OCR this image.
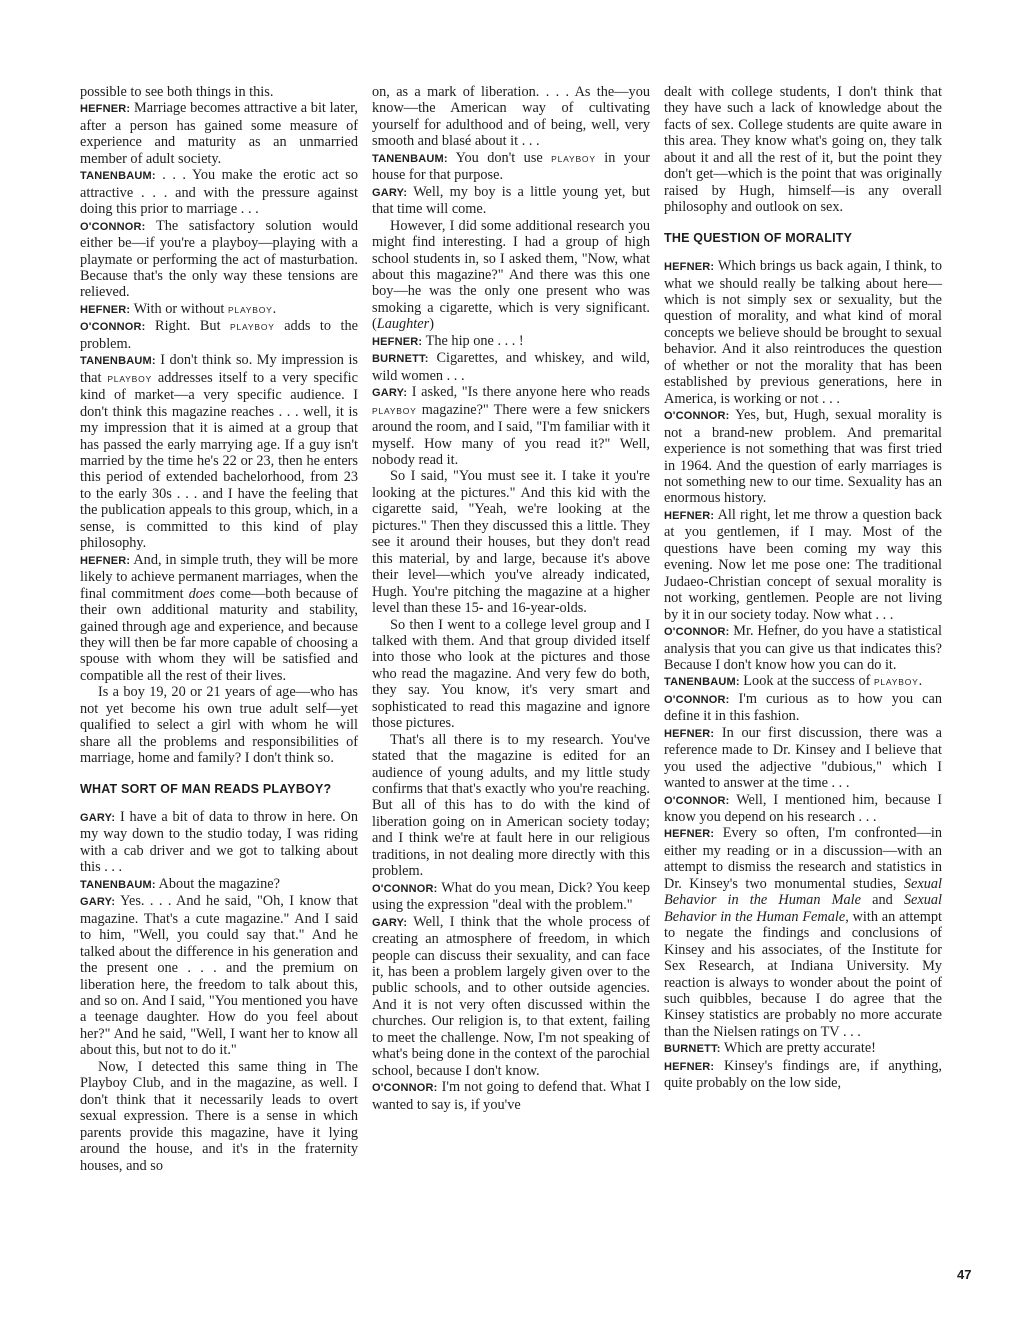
possible to see both things in this.

HEFNER: Marriage becomes attractive a bit later, after a person has gained some measure of experience and maturity as an unmarried member of adult society.

TANENBAUM: . . . You make the erotic act so attractive . . . and with the pressure against doing this prior to marriage . . .

O'CONNOR: The satisfactory solution would either be—if you're a playboy—playing with a playmate or performing the act of masturbation. Because that's the only way these tensions are relieved.

HEFNER: With or without PLAYBOY.

O'CONNOR: Right. But PLAYBOY adds to the problem.

TANENBAUM: I don't think so. My impression is that PLAYBOY addresses itself to a very specific kind of market—a very specific audience. I don't think this magazine reaches . . . well, it is my impression that it is aimed at a group that has passed the early marrying age. If a guy isn't married by the time he's 22 or 23, then he enters this period of extended bachelorhood, from 23 to the early 30s . . . and I have the feeling that the publication appeals to this group, which, in a sense, is committed to this kind of play philosophy.

HEFNER: And, in simple truth, they will be more likely to achieve permanent marriages, when the final commitment does come—both because of their own additional maturity and stability, gained through age and experience, and because they will then be far more capable of choosing a spouse with whom they will be satisfied and compatible all the rest of their lives.

Is a boy 19, 20 or 21 years of age—who has not yet become his own true adult self—yet qualified to select a girl with whom he will share all the problems and responsibilities of marriage, home and family? I don't think so.

WHAT SORT OF MAN READS PLAYBOY?

GARY: I have a bit of data to throw in here. On my way down to the studio today, I was riding with a cab driver and we got to talking about this . . .

TANENBAUM: About the magazine?

GARY: Yes. . . . And he said, "Oh, I know that magazine. That's a cute magazine." And I said to him, "Well, you could say that." And he talked about the difference in his generation and the present one . . . and the premium on liberation here, the freedom to talk about this, and so on. And I said, "You mentioned you have a teenage daughter. How do you feel about her?" And he said, "Well, I want her to know all about this, but not to do it."

Now, I detected this same thing in The Playboy Club, and in the magazine, as well. I don't think that it necessarily leads to overt sexual expression. There is a sense in which parents provide this magazine, have it lying around the house, and it's in the fraternity houses, and so

on, as a mark of liberation. . . . As the—you know—the American way of cultivating yourself for adulthood and of being, well, very smooth and blasé about it . . .

TANENBAUM: You don't use PLAYBOY in your house for that purpose.

GARY: Well, my boy is a little young yet, but that time will come.

However, I did some additional research you might find interesting. I had a group of high school students in, so I asked them, "Now, what about this magazine?" And there was this one boy—he was the only one present who was smoking a cigarette, which is very significant. (Laughter)

HEFNER: The hip one . . . !

BURNETT: Cigarettes, and whiskey, and wild, wild women . . .

GARY: I asked, "Is there anyone here who reads PLAYBOY magazine?" There were a few snickers around the room, and I said, "I'm familiar with it myself. How many of you read it?" Well, nobody read it.

So I said, "You must see it. I take it you're looking at the pictures." And this kid with the cigarette said, "Yeah, we're looking at the pictures." Then they discussed this a little. They see it around their houses, but they don't read this material, by and large, because it's above their level—which you've already indicated, Hugh. You're pitching the magazine at a higher level than these 15- and 16-year-olds.

So then I went to a college level group and I talked with them. And that group divided itself into those who look at the pictures and those who read the magazine. And very few do both, they say. You know, it's very smart and sophisticated to read this magazine and ignore those pictures.

That's all there is to my research. You've stated that the magazine is edited for an audience of young adults, and my little study confirms that that's exactly who you're reaching. But all of this has to do with the kind of liberation going on in American society today; and I think we're at fault here in our religious traditions, in not dealing more directly with this problem.

O'CONNOR: What do you mean, Dick? You keep using the expression "deal with the problem."

GARY: Well, I think that the whole process of creating an atmosphere of freedom, in which people can discuss their sexuality, and can face it, has been a problem largely given over to the public schools, and to other outside agencies. And it is not very often discussed within the churches. Our religion is, to that extent, failing to meet the challenge. Now, I'm not speaking of what's being done in the context of the parochial school, because I don't know.

O'CONNOR: I'm not going to defend that. What I wanted to say is, if you've

dealt with college students, I don't think that they have such a lack of knowledge about the facts of sex. College students are quite aware in this area. They know what's going on, they talk about it and all the rest of it, but the point they don't get—which is the point that was originally raised by Hugh, himself—is any overall philosophy and outlook on sex.

THE QUESTION OF MORALITY

HEFNER: Which brings us back again, I think, to what we should really be talking about here—which is not simply sex or sexuality, but the question of morality, and what kind of moral concepts we believe should be brought to sexual behavior. And it also reintroduces the question of whether or not the morality that has been established by previous generations, here in America, is working or not . . .

O'CONNOR: Yes, but, Hugh, sexual morality is not a brand-new problem. And premarital experience is not something that was first tried in 1964. And the question of early marriages is not something new to our time. Sexuality has an enormous history.

HEFNER: All right, let me throw a question back at you gentlemen, if I may. Most of the questions have been coming my way this evening. Now let me pose one: The traditional Judaeo-Christian concept of sexual morality is not working, gentlemen. People are not living by it in our society today. Now what . . .

O'CONNOR: Mr. Hefner, do you have a statistical analysis that you can give us that indicates this? Because I don't know how you can do it.

TANENBAUM: Look at the success of PLAYBOY.

O'CONNOR: I'm curious as to how you can define it in this fashion.

HEFNER: In our first discussion, there was a reference made to Dr. Kinsey and I believe that you used the adjective "dubious," which I wanted to answer at the time . . .

O'CONNOR: Well, I mentioned him, because I know you depend on his research . . .

HEFNER: Every so often, I'm confronted—in either my reading or in a discussion—with an attempt to dismiss the research and statistics in Dr. Kinsey's two monumental studies, Sexual Behavior in the Human Male and Sexual Behavior in the Human Female, with an attempt to negate the findings and conclusions of Kinsey and his associates, of the Institute for Sex Research, at Indiana University. My reaction is always to wonder about the point of such quibbles, because I do agree that the Kinsey statistics are probably no more accurate than the Nielsen ratings on TV . . .

BURNETT: Which are pretty accurate!

HEFNER: Kinsey's findings are, if anything, quite probably on the low side,

47
